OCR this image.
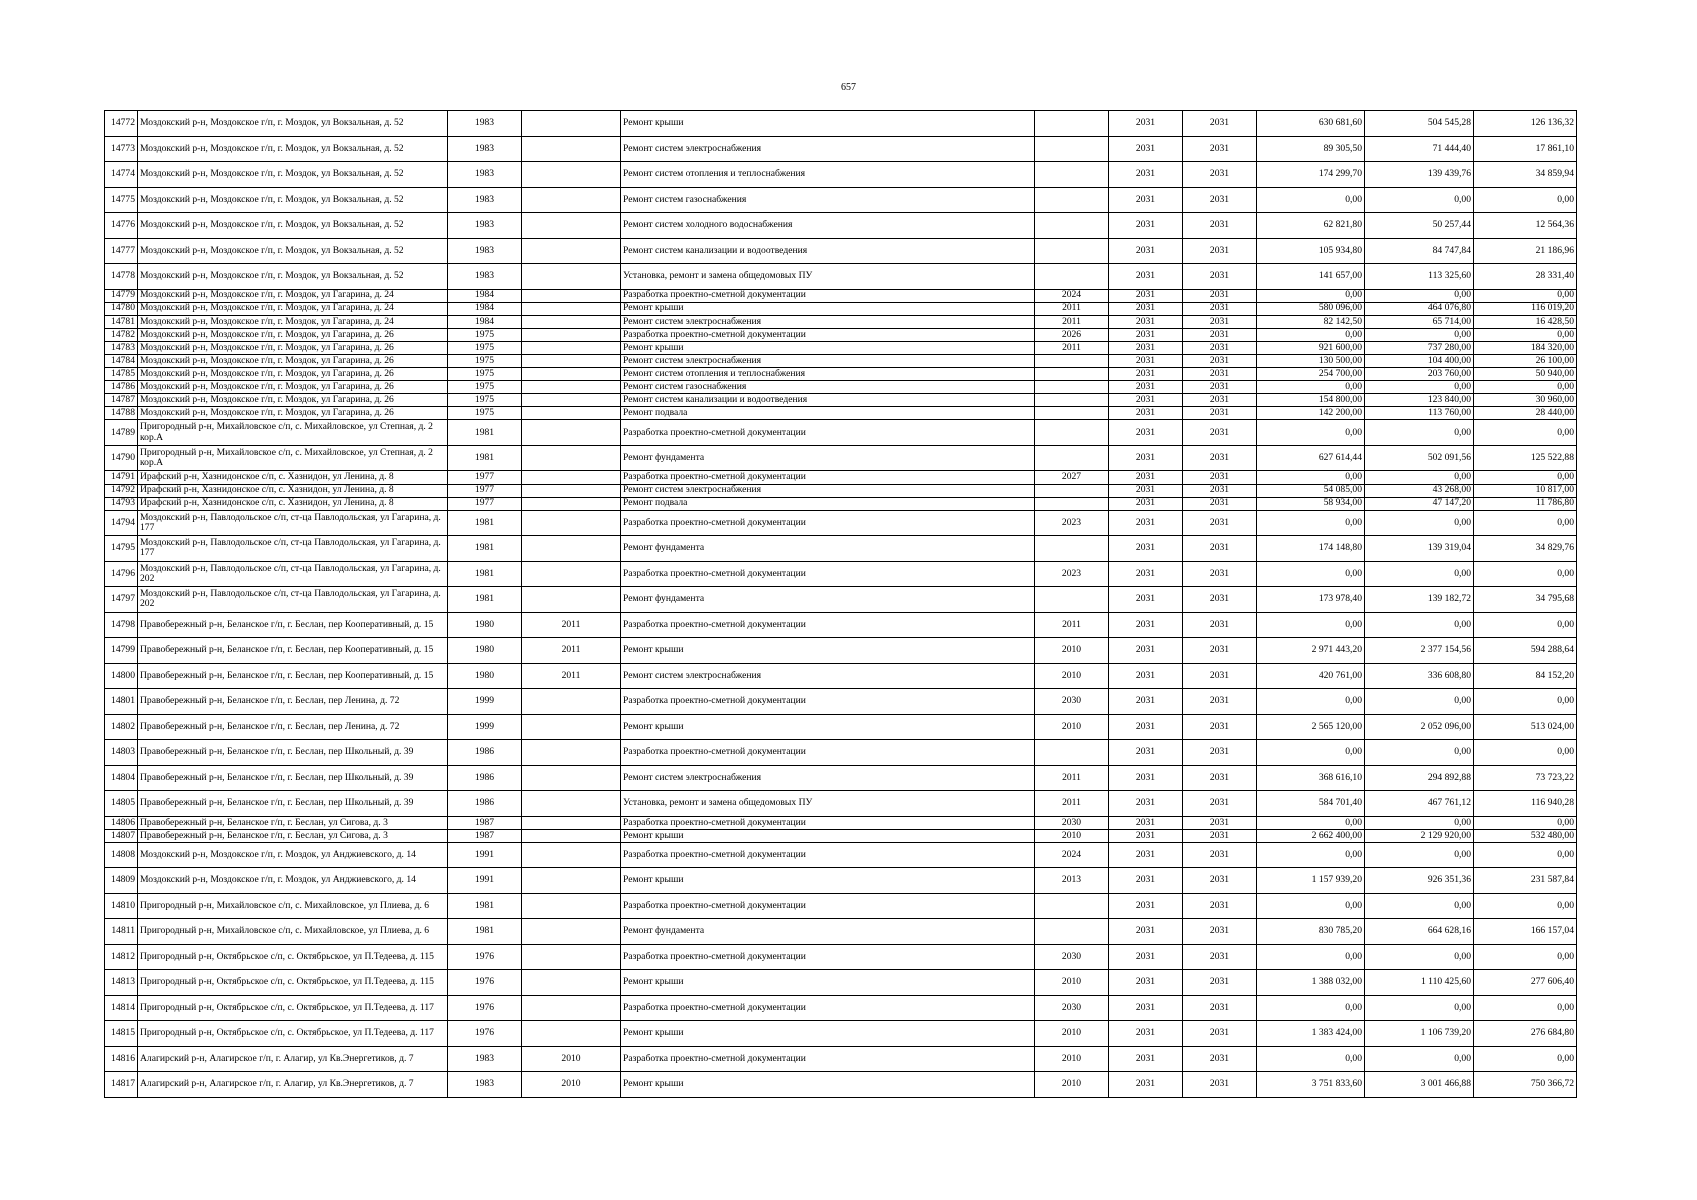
657
14772	Моздокский р-н, Моздокское г/п, г. Моздок, ул Вокзальная, д. 52	1983		Ремонт крыши		2031	2031	630 681,60	504 545,28	126 136,32
14773	Моздокский р-н, Моздокское г/п, г. Моздок, ул Вокзальная, д. 52	1983		Ремонт систем электроснабжения		2031	2031	89 305,50	71 444,40	17 861,10
14774	Моздокский р-н, Моздокское г/п, г. Моздок, ул Вокзальная, д. 52	1983		Ремонт систем отопления и теплоснабжения		2031	2031	174 299,70	139 439,76	34 859,94
14775	Моздокский р-н, Моздокское г/п, г. Моздок, ул Вокзальная, д. 52	1983		Ремонт систем газоснабжения		2031	2031	0,00	0,00	0,00
14776	Моздокский р-н, Моздокское г/п, г. Моздок, ул Вокзальная, д. 52	1983		Ремонт систем холодного водоснабжения		2031	2031	62 821,80	50 257,44	12 564,36
14777	Моздокский р-н, Моздокское г/п, г. Моздок, ул Вокзальная, д. 52	1983		Ремонт систем канализации и водоотведения		2031	2031	105 934,80	84 747,84	21 186,96
14778	Моздокский р-н, Моздокское г/п, г. Моздок, ул Вокзальная, д. 52	1983		Установка, ремонт и замена общедомовых ПУ		2031	2031	141 657,00	113 325,60	28 331,40
14779	Моздокский р-н, Моздокское г/п, г. Моздок, ул Гагарина, д. 24	1984		Разработка проектно-сметной документации	2024	2031	2031	0,00	0,00	0,00
14780	Моздокский р-н, Моздокское г/п, г. Моздок, ул Гагарина, д. 24	1984		Ремонт крыши	2011	2031	2031	580 096,00	464 076,80	116 019,20
14781	Моздокский р-н, Моздокское г/п, г. Моздок, ул Гагарина, д. 24	1984		Ремонт систем электроснабжения	2011	2031	2031	82 142,50	65 714,00	16 428,50
14782	Моздокский р-н, Моздокское г/п, г. Моздок, ул Гагарина, д. 26	1975		Разработка проектно-сметной документации	2026	2031	2031	0,00	0,00	0,00
14783	Моздокский р-н, Моздокское г/п, г. Моздок, ул Гагарина, д. 26	1975		Ремонт крыши	2011	2031	2031	921 600,00	737 280,00	184 320,00
14784	Моздокский р-н, Моздокское г/п, г. Моздок, ул Гагарина, д. 26	1975		Ремонт систем электроснабжения		2031	2031	130 500,00	104 400,00	26 100,00
14785	Моздокский р-н, Моздокское г/п, г. Моздок, ул Гагарина, д. 26	1975		Ремонт систем отопления и теплоснабжения		2031	2031	254 700,00	203 760,00	50 940,00
14786	Моздокский р-н, Моздокское г/п, г. Моздок, ул Гагарина, д. 26	1975		Ремонт систем газоснабжения		2031	2031	0,00	0,00	0,00
14787	Моздокский р-н, Моздокское г/п, г. Моздок, ул Гагарина, д. 26	1975		Ремонт систем канализации и водоотведения		2031	2031	154 800,00	123 840,00	30 960,00
14788	Моздокский р-н, Моздокское г/п, г. Моздок, ул Гагарина, д. 26	1975		Ремонт подвала		2031	2031	142 200,00	113 760,00	28 440,00
14789	Пригородный р-н, Михайловское с/п, с. Михайловское, ул Степная, д. 2 кор.А	1981		Разработка проектно-сметной документации		2031	2031	0,00	0,00	0,00
14790	Пригородный р-н, Михайловское с/п, с. Михайловское, ул Степная, д. 2 кор.А	1981		Ремонт фундамента		2031	2031	627 614,44	502 091,56	125 522,88
14791	Ирафский р-н, Хазнидонское с/п, с. Хазнидон, ул Ленина, д. 8	1977		Разработка проектно-сметной документации	2027	2031	2031	0,00	0,00	0,00
14792	Ирафский р-н, Хазнидонское с/п, с. Хазнидон, ул Ленина, д. 8	1977		Ремонт систем электроснабжения		2031	2031	54 085,00	43 268,00	10 817,00
14793	Ирафский р-н, Хазнидонское с/п, с. Хазнидон, ул Ленина, д. 8	1977		Ремонт подвала		2031	2031	58 934,00	47 147,20	11 786,80
14794	Моздокский р-н, Павлодольское с/п, ст-ца Павлодольская, ул Гагарина, д. 177	1981		Разработка проектно-сметной документации	2023	2031	2031	0,00	0,00	0,00
14795	Моздокский р-н, Павлодольское с/п, ст-ца Павлодольская, ул Гагарина, д. 177	1981		Ремонт фундамента		2031	2031	174 148,80	139 319,04	34 829,76
14796	Моздокский р-н, Павлодольское с/п, ст-ца Павлодольская, ул Гагарина, д. 202	1981		Разработка проектно-сметной документации	2023	2031	2031	0,00	0,00	0,00
14797	Моздокский р-н, Павлодольское с/п, ст-ца Павлодольская, ул Гагарина, д. 202	1981		Ремонт фундамента		2031	2031	173 978,40	139 182,72	34 795,68
14798	Правобережный р-н, Беланское г/п, г. Беслан, пер Кооперативный, д. 15	1980	2011	Разработка проектно-сметной документации	2011	2031	2031	0,00	0,00	0,00
14799	Правобережный р-н, Беланское г/п, г. Беслан, пер Кооперативный, д. 15	1980	2011	Ремонт крыши	2010	2031	2031	2 971 443,20	2 377 154,56	594 288,64
14800	Правобережный р-н, Беланское г/п, г. Беслан, пер Кооперативный, д. 15	1980	2011	Ремонт систем электроснабжения	2010	2031	2031	420 761,00	336 608,80	84 152,20
14801	Правобережный р-н, Беланское г/п, г. Беслан, пер Ленина, д. 72	1999		Разработка проектно-сметной документации	2030	2031	2031	0,00	0,00	0,00
14802	Правобережный р-н, Беланское г/п, г. Беслан, пер Ленина, д. 72	1999		Ремонт крыши	2010	2031	2031	2 565 120,00	2 052 096,00	513 024,00
14803	Правобережный р-н, Беланское г/п, г. Беслан, пер Школьный, д. 39	1986		Разработка проектно-сметной документации		2031	2031	0,00	0,00	0,00
14804	Правобережный р-н, Беланское г/п, г. Беслан, пер Школьный, д. 39	1986		Ремонт систем электроснабжения	2011	2031	2031	368 616,10	294 892,88	73 723,22
14805	Правобережный р-н, Беланское г/п, г. Беслан, пер Школьный, д. 39	1986		Установка, ремонт и замена общедомовых ПУ	2011	2031	2031	584 701,40	467 761,12	116 940,28
14806	Правобережный р-н, Беланское г/п, г. Беслан, ул Сигова, д. 3	1987		Разработка проектно-сметной документации	2030	2031	2031	0,00	0,00	0,00
14807	Правобережный р-н, Беланское г/п, г. Беслан, ул Сигова, д. 3	1987		Ремонт крыши	2010	2031	2031	2 662 400,00	2 129 920,00	532 480,00
14808	Моздокский р-н, Моздокское г/п, г. Моздок, ул Анджиевского, д. 14	1991		Разработка проектно-сметной документации	2024	2031	2031	0,00	0,00	0,00
14809	Моздокский р-н, Моздокское г/п, г. Моздок, ул Анджиевского, д. 14	1991		Ремонт крыши	2013	2031	2031	1 157 939,20	926 351,36	231 587,84
14810	Пригородный р-н, Михайловское с/п, с. Михайловское, ул Плиева, д. 6	1981		Разработка проектно-сметной документации		2031	2031	0,00	0,00	0,00
14811	Пригородный р-н, Михайловское с/п, с. Михайловское, ул Плиева, д. 6	1981		Ремонт фундамента		2031	2031	830 785,20	664 628,16	166 157,04
14812	Пригородный р-н, Октябрьское с/п, с. Октябрьское, ул П.Тедеева, д. 115	1976		Разработка проектно-сметной документации	2030	2031	2031	0,00	0,00	0,00
14813	Пригородный р-н, Октябрьское с/п, с. Октябрьское, ул П.Тедеева, д. 115	1976		Ремонт крыши	2010	2031	2031	1 388 032,00	1 110 425,60	277 606,40
14814	Пригородный р-н, Октябрьское с/п, с. Октябрьское, ул П.Тедеева, д. 117	1976		Разработка проектно-сметной документации	2030	2031	2031	0,00	0,00	0,00
14815	Пригородный р-н, Октябрьское с/п, с. Октябрьское, ул П.Тедеева, д. 117	1976		Ремонт крыши	2010	2031	2031	1 383 424,00	1 106 739,20	276 684,80
14816	Алагирский р-н, Алагирское г/п, г. Алагир, ул Кв.Энергетиков, д. 7	1983	2010	Разработка проектно-сметной документации	2010	2031	2031	0,00	0,00	0,00
14817	Алагирский р-н, Алагирское г/п, г. Алагир, ул Кв.Энергетиков, д. 7	1983	2010	Ремонт крыши	2010	2031	2031	3 751 833,60	3 001 466,88	750 366,72
